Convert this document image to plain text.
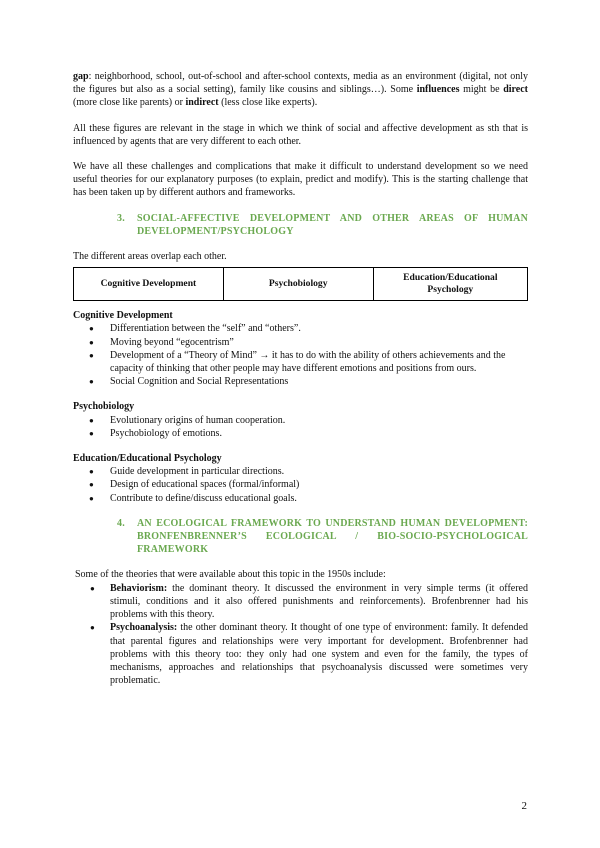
gap: neighborhood, school, out-of-school and after-school contexts, media as an environment (digital, not only the figures but also as a social setting), family like cousins and siblings…). Some influences might be direct (more close like parents) or indirect (less close like experts).

All these figures are relevant in the stage in which we think of social and affective development as sth that is influenced by agents that are very different to each other.

We have all these challenges and complications that make it difficult to understand development so we need useful theories for our explanatory purposes (to explain, predict and modify). This is the starting challenge that has been taken up by different authors and frameworks.

3.	SOCIAL-AFFECTIVE DEVELOPMENT AND OTHER AREAS OF HUMAN DEVELOPMENT/PSYCHOLOGY

The different areas overlap each other.

Cognitive Development	Psychobiology	Education/Educational Psychology
Cognitive Development
● Differentiation between the “self” and “others”.
● Moving beyond “egocentrism”
● Development of a “Theory of Mind” → it has to do with the ability of others achievements and the capacity of thinking that other people may have different emotions and positions from ours.
● Social Cognition and Social Representations
Psychobiology
● Evolutionary origins of human cooperation.
● Psychobiology of emotions.
Education/Educational Psychology
● Guide development in particular directions.
● Design of educational spaces (formal/informal)
● Contribute to define/discuss educational goals.
4.	AN ECOLOGICAL FRAMEWORK TO UNDERSTAND HUMAN DEVELOPMENT: BRONFENBRENNER’S ECOLOGICAL / BIO-SOCIO-PSYCHOLOGICAL FRAMEWORK

Some of the theories that were available about this topic in the 1950s include:

● Behaviorism: the dominant theory. It discussed the environment in very simple terms (it offered stimuli, conditions and it also offered punishments and reinforcements). Brofenbrenner had his problems with this theory.
● Psychoanalysis: the other dominant theory. It thought of one type of environment: family. It defended that parental figures and relationships were very important for development. Brofenbrenner had problems with this theory too: they only had one system and even for the family, the types of mechanisms, approaches and relationships that psychoanalysis discussed were sometimes very problematic.
2
